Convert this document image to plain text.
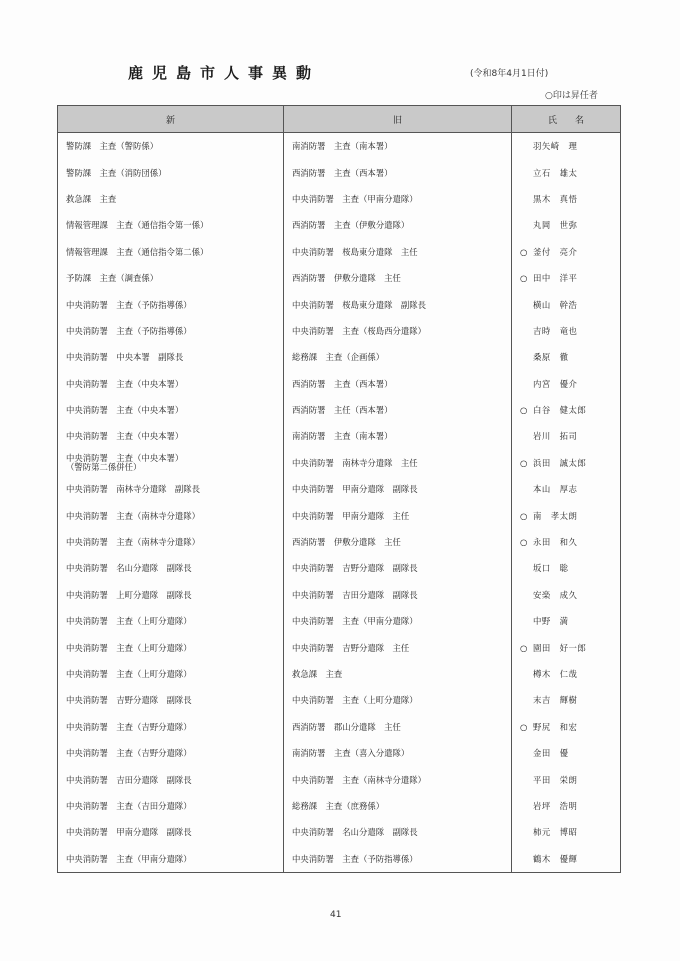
鹿児島市人事異動	(令和8年4月1日付)
○印は昇任者
新	旧	氏　　名
警防課　主査（警防係）	南消防署　主査（南本署）	羽矢崎　理
警防課　主査（消防団係）	西消防署　主査（西本署）	立石　雄太
救急課　主査	中央消防署　主査（甲南分遣隊）	黒木　真悟
情報管理課　主査（通信指令第一係）	西消防署　主査（伊敷分遣隊）	丸岡　世弥
情報管理課　主査（通信指令第二係）	中央消防署　桜島東分遣隊　主任	○ 釜付　亮介
予防課　主査（調査係）	西消防署　伊敷分遣隊　主任	○ 田中　洋平
中央消防署　主査（予防指導係）	中央消防署　桜島東分遣隊　副隊長	横山　幹浩
中央消防署　主査（予防指導係）	中央消防署　主査（桜島西分遣隊）	吉時　竜也
中央消防署　中央本署　副隊長	総務課　主査（企画係）	桑原　徹
中央消防署　主査（中央本署）	西消防署　主査（西本署）	内宮　優介
中央消防署　主査（中央本署）	西消防署　主任（西本署）	○ 白谷　健太郎
中央消防署　主査（中央本署）	南消防署　主査（南本署）	岩川　拓司
中央消防署　主査（中央本署）
（警防第二係併任）	中央消防署　南林寺分遣隊　主任	○ 浜田　誠太郎
中央消防署　南林寺分遣隊　副隊長	中央消防署　甲南分遣隊　副隊長	本山　厚志
中央消防署　主査（南林寺分遣隊）	中央消防署　甲南分遣隊　主任	○ 南　孝太朗
中央消防署　主査（南林寺分遣隊）	西消防署　伊敷分遣隊　主任	○ 永田　和久
中央消防署　名山分遣隊　副隊長	中央消防署　吉野分遣隊　副隊長	坂口　聡
中央消防署　上町分遣隊　副隊長	中央消防署　吉田分遣隊　副隊長	安楽　成久
中央消防署　主査（上町分遣隊）	中央消防署　主査（甲南分遣隊）	中野　満
中央消防署　主査（上町分遣隊）	中央消防署　吉野分遣隊　主任	○ 園田　好一郎
中央消防署　主査（上町分遣隊）	救急課　主査	樽木　仁哉
中央消防署　吉野分遣隊　副隊長	中央消防署　主査（上町分遣隊）	末吉　輝樹
中央消防署　主査（吉野分遣隊）	西消防署　郡山分遣隊　主任	○ 野尻　和宏
中央消防署　主査（吉野分遣隊）	南消防署　主査（喜入分遣隊）	金田　優
中央消防署　吉田分遣隊　副隊長	中央消防署　主査（南林寺分遣隊）	平田　栄朗
中央消防署　主査（吉田分遣隊）	総務課　主査（庶務係）	岩坪　浩明
中央消防署　甲南分遣隊　副隊長	中央消防署　名山分遣隊　副隊長	柿元　博昭
中央消防署　主査（甲南分遣隊）	中央消防署　主査（予防指導係）	鶴木　優輝
41
